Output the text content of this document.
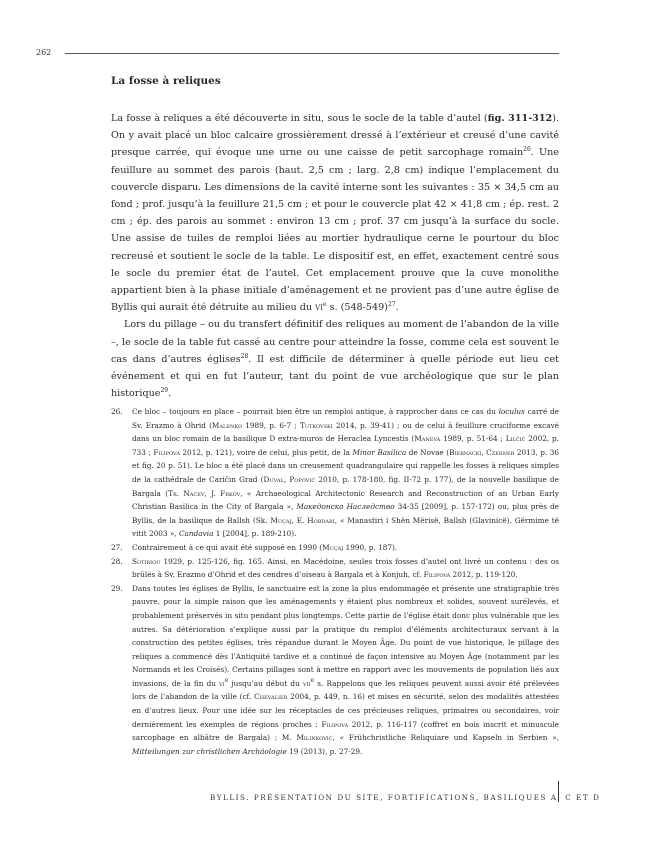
262
La fosse à reliques

La fosse à reliques a été découverte in situ, sous le socle de la table d’autel (fig. 311-312). On y avait placé un bloc calcaire grossièrement dressé à l’extérieur et creusé d’une cavité presque carrée, qui évoque une urne ou une caisse de petit sarcophage romain$^{26}$. Une feuillure au sommet des parois (haut. 2,5 cm ; larg. 2,8 cm) indique l’emplacement du couvercle disparu. Les dimensions de la cavité interne sont les suivantes : 35 × 34,5 cm au fond ; prof. jusqu’à la feuillure 21,5 cm ; et pour le couvercle plat 42 × 41,8 cm ; ép. rest. 2 cm ; ép. des parois au sommet : environ 13 cm ; prof. 37 cm jusqu’à la surface du socle. Une assise de tuiles de remploi liées au mortier hydraulique cerne le pourtour du bloc recreusé et soutient le socle de la table. Le dispositif est, en effet, exactement centré sous le socle du premier état de l’autel. Cet emplacement prouve que la cuve monolithe appartient bien à la phase initiale d’aménagement et ne provient pas d’une autre église de Byllis qui aurait été détruite au milieu du $vi^e$ s. $(548-549)^{27}$.

Lors du pillage – ou du transfert définitif des reliques au moment de l’abandon de la ville –, le socle de la table fut cassé au centre pour atteindre la fosse, comme cela est souvent le cas dans d’autres églises$^{28}$. Il est difficile de déterminer à quelle période eut lieu cet événement et qui en fut l’auteur, tant du point de vue archéologique que sur le plan historique$^{29}$.

26.	Ce bloc – toujours en place – pourrait bien être un remploi antique, à rapprocher dans ce cas du loculus carré de Sv. Erazmo à Ohrid (Malenko 1989, p. 6-7 ; Tutkovski 2014, p. 39-41) ; ou de celui à feuillure cruciforme excavé dans un bloc romain de la basilique D extra-muros de Heraclea Lyncestis (Maneva 1989, p. 51-64 ; Lilčić 2002, p. 733 ; Filipova 2012, p. 121), voire de celui, plus petit, de la Minor Basilica de Novae (Biernacki, Czerner 2013, p. 36 et fig. 20 p. 51). Le bloc a été placé dans un creusement quadrangulaire qui rappelle les fosses à reliques simples de la cathédrale de Cariĉin Grad (Duval, Popović 2010, p. 178-180, fig. II-72 p. 177), de la nouvelle basilique de Bargala (Tr. Nacev, J. Frkov, « Archaeological Architectonic Research and Reconstruction of an Urban Early Christian Basilica in the City of Bargala », Македонско Наследство 34-35 [2009], p. 157-172) ou, plus près de Byllis, de la basilique de Ballsh (Sk. Muçaj, E. Hobdari, « Manastiri i Shën Mërisë, Ballsh (Glavinicë), Gërmime të vitit 2003 », Candavia 1 [2004], p. 189-210).
27.	Contrairement à ce qui avait été supposé en 1990 (Muçaj 1990, p. 187).
28.	Sotiriou 1929, p. 125-126, fig. 165. Ainsi, en Macédoine, seules trois fosses d’autel ont livré un contenu : des os brûlés à Sv. Erazmo d’Ohrid et des cendres d’oiseau à Bargala et à Konjuh, cf. Filipova 2012, p. 119-120.
29.	Dans toutes les églises de Byllis, le sanctuaire est la zone la plus endommagée et présente une stratigraphie très pauvre, pour la simple raison que les aménagements y étaient plus nombreux et solides, souvent surélevés, et probablement préservés in situ pendant plus longtemps. Cette partie de l’église était donc plus vulnérable que les autres. Sa détérioration s’explique aussi par la pratique du remploi d’éléments architecturaux servant à la construction des petites églises, très répandue durant le Moyen Âge. Du point de vue historique, le pillage des reliques a commencé dès l’Antiquité tardive et a continué de façon intensive au Moyen Âge (notamment par les Normands et les Croisés). Certains pillages sont à mettre en rapport avec les mouvements de population liés aux invasions, de la fin du $vi^e$ jusqu’au début du vii$^e$ s. Rappelons que les reliques peuvent aussi avoir été prélevées lors de l’abandon de la ville (cf. Chevalier 2004, p. 449, n. 16) et mises en sécurité, selon des modalités attestées en d’autres lieux. Pour une idée sur les réceptacles de ces précieuses reliques, primaires ou secondaires, voir dernièrement les exemples de régions proches : Filipova 2012, p. 116-117 (coffret en bois inscrit et minuscule sarcophage en albâtre de Bargala) ; M. Milinković, « Frühchristliche Reliquiare und Kapseln in Serbien », Mitteilungen zur christlichen Archäologie 19 (2013), p. 27-29.
BYLLIS. PRÉSENTATION DU SITE, FORTIFICATIONS, BASILIQUES A, C ET D
